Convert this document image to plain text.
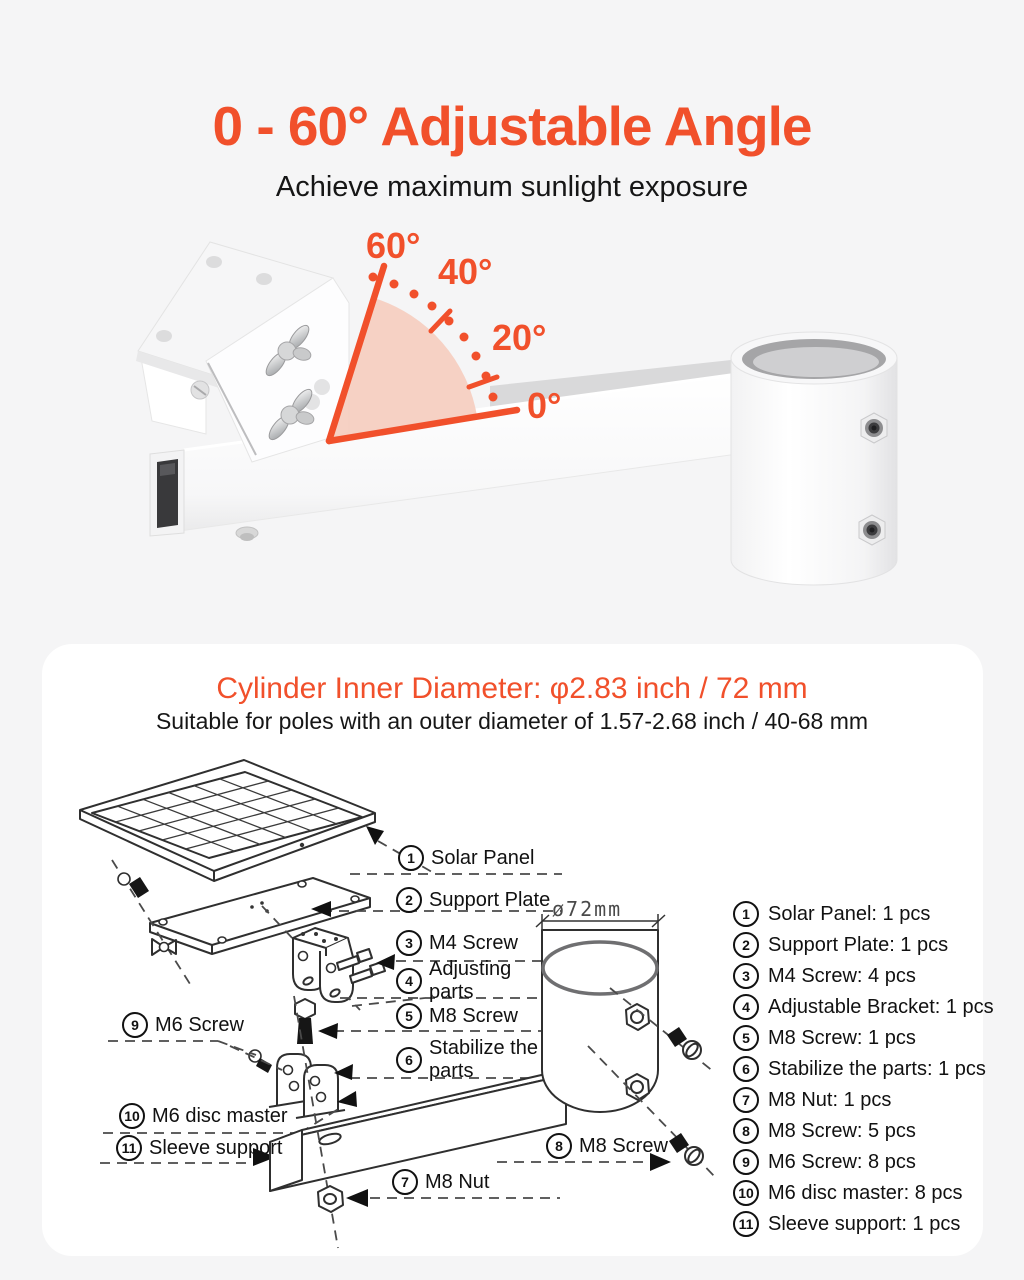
0 - 60° Adjustable Angle
Achieve maximum sunlight exposure
60°
40°
20°
0°
Cylinder Inner Diameter: φ2.83 inch / 72 mm
Suitable for poles with an outer diameter of 1.57-2.68 inch / 40-68 mm
ø72mm
1 Solar Panel
2 Support Plate
3 M4 Screw
4
Adjusting parts
5 M8 Screw
6
Stabilize the parts
9 M6 Screw
10 M6 disc master
11 Sleeve support
7 M8 Nut
8 M8 Screw
1 Solar Panel: 1 pcs
2 Support Plate: 1 pcs
3 M4 Screw: 4 pcs
4 Adjustable Bracket: 1 pcs
5 M8 Screw: 1 pcs
6 Stabilize the parts: 1 pcs
7 M8 Nut: 1 pcs
8 M8 Screw: 5 pcs
9 M6 Screw: 8 pcs
10 M6 disc master: 8 pcs
11 Sleeve support: 1 pcs
